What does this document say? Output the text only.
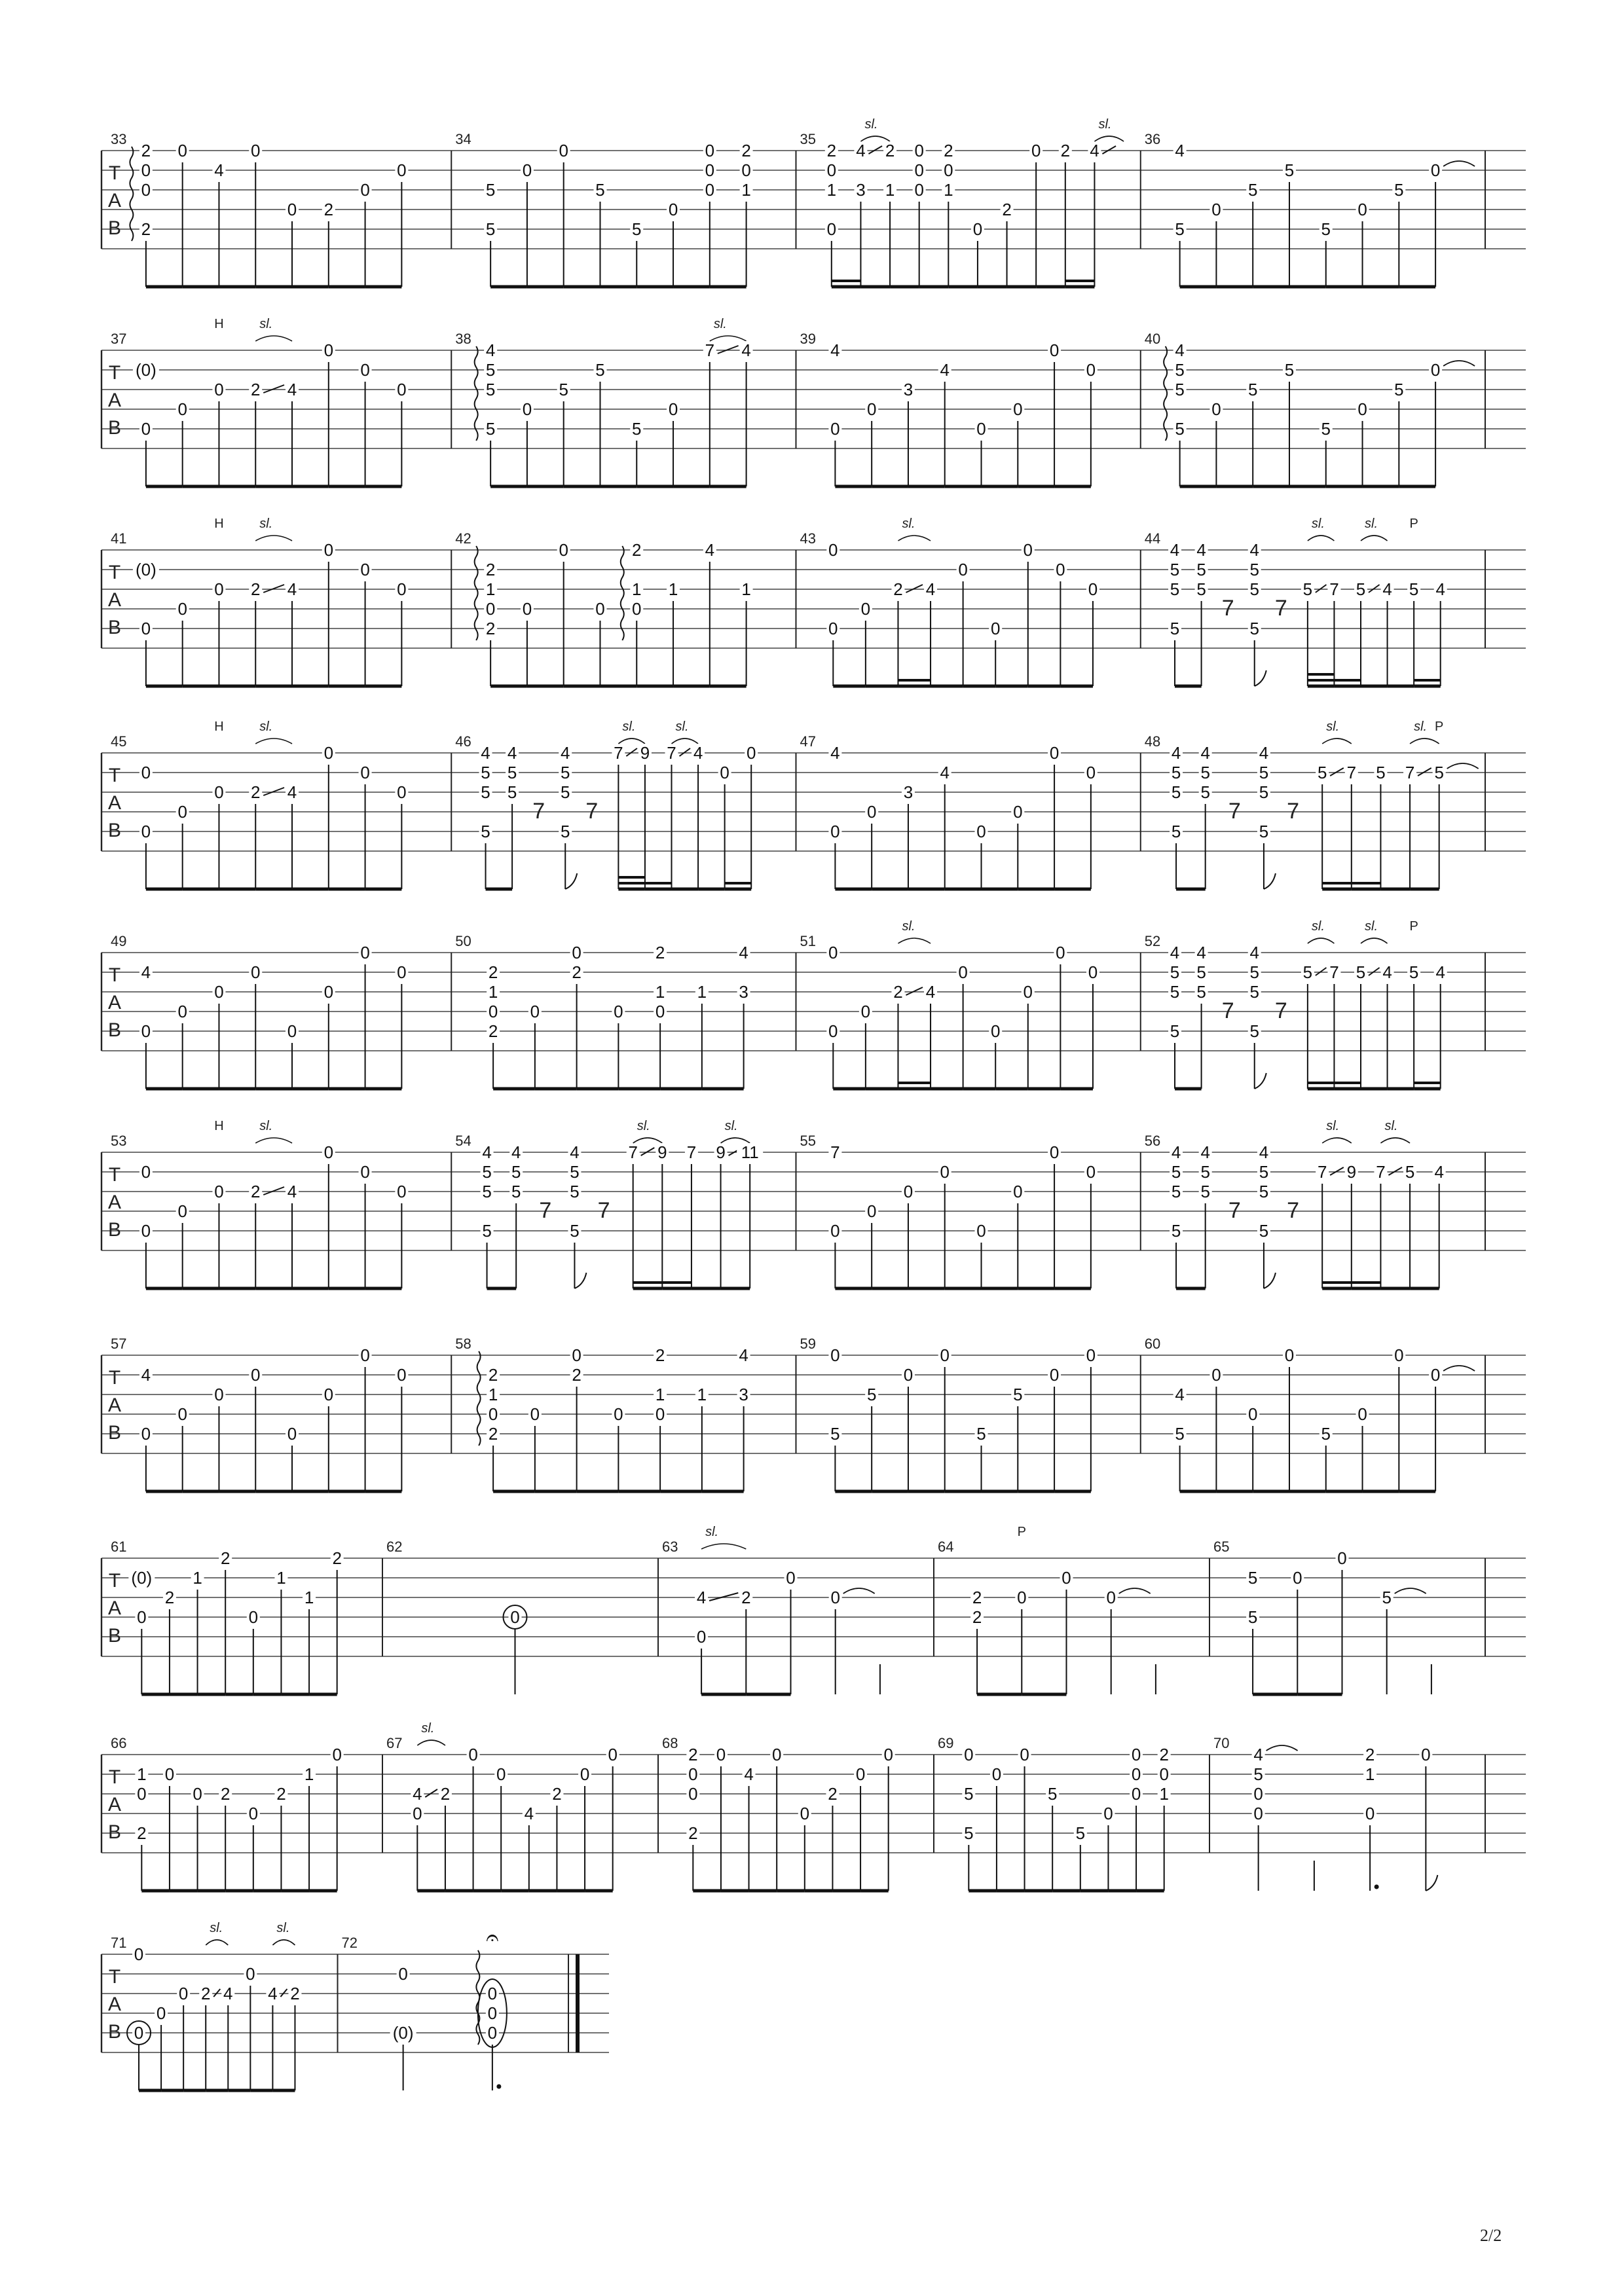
T
A
B
33
2
0
0
2
0
4
0
0 2
0
0
34
5
5
0
0
5
5
0
0
0
0
2
0
1
35
2
0
1
0
4
3
sl.
2
1
0
0
0
2
0
1
0
2
0 2 4
sl.
36
4
5
0
5
5
5
0
5
0
T
A
B
37
(0)
0
0
0
H
2
sl.
4
0
0
0
38
4
5
5
5
0
5
5
5
0
7
sl.
4
39
4
0
0
3
4
0
0
0
0
40
4
5
5
5
0
5
5
5
0
5
0
T
A
B
41
(0)
0
0
0
H
2
sl.
4
0
0
0
42
2
1
0
2
0
0
0
2
1
0
1
4
1
43
0
0
0
2
sl.
4
0
0
0
0
0
44
4
5
5
5
4
5
5
7
4
5
5
5
7
5
sl.
7 5
sl.
4 5
P
4
T
A
B
45
0
0
0
0
H
2
sl.
4
0
0
0
46
4
5
5
5
4
5
5
7
4
5
5
5
7
7
sl.
9 7
sl.
4
0
0
47
4
0
0
3
4
0
0
0
0
48
4
5
5
5
4
5
5
7
4
5
5
5
7
5
sl.
7 5 7
sl.
5
P
T
A
B
49
4
0
0
0
0
0
0
0
0
50
2
1
0
2
0
0
2
0
2
1
0
1
4
3
51
0
0
0
2
sl.
4
0
0
0
0
0
52
4
5
5
5
4
5
5
7
4
5
5
5
7
5
sl.
7 5
sl.
4 5
P
4
T
A
B
53
0
0
0
0
H
2
sl.
4
0
0
0
54
4
5
5
5
4
5
5
7
4
5
5
5
7
7
sl.
9 7 9
sl.
11
55
7
0
0
0
0
0
0
0
0
56
4
5
5
5
4
5
5
7
4
5
5
5
7
7
sl.
9 7
sl.
5 4
T
A
B
57
4
0
0
0
0
0
0
0
0
58
2
1
0
2
0
0
2
0
2
1
0
1
4
3
59
0
5
5
0
0
5
5
0
0
60
4
5
0
0
0
5
0
0
0
T
A
B
61
(0)
0
2
1
2
0
1
1
2
62
0
63
4
0
sl.
2
0
0
64
2
2
0
P
0
0
65
5
5
0
0
5
T
A
B
66
1
0
2
0
0 2
0
2
1
0
67
4
0
sl.
2
0
0
4
2
0
0
68
2
0
0
2
0
4
0
0
2
0
0
69
0
5
5
0
0
5
5
0
0
0
0
2
0
1
70
4
5
0
0
2
1
0
0
T
A
B
71
0
0
0
0 2
sl.
4
0
4
sl.
2
72
0
(0)
0
0
0
𝄐
2/2
